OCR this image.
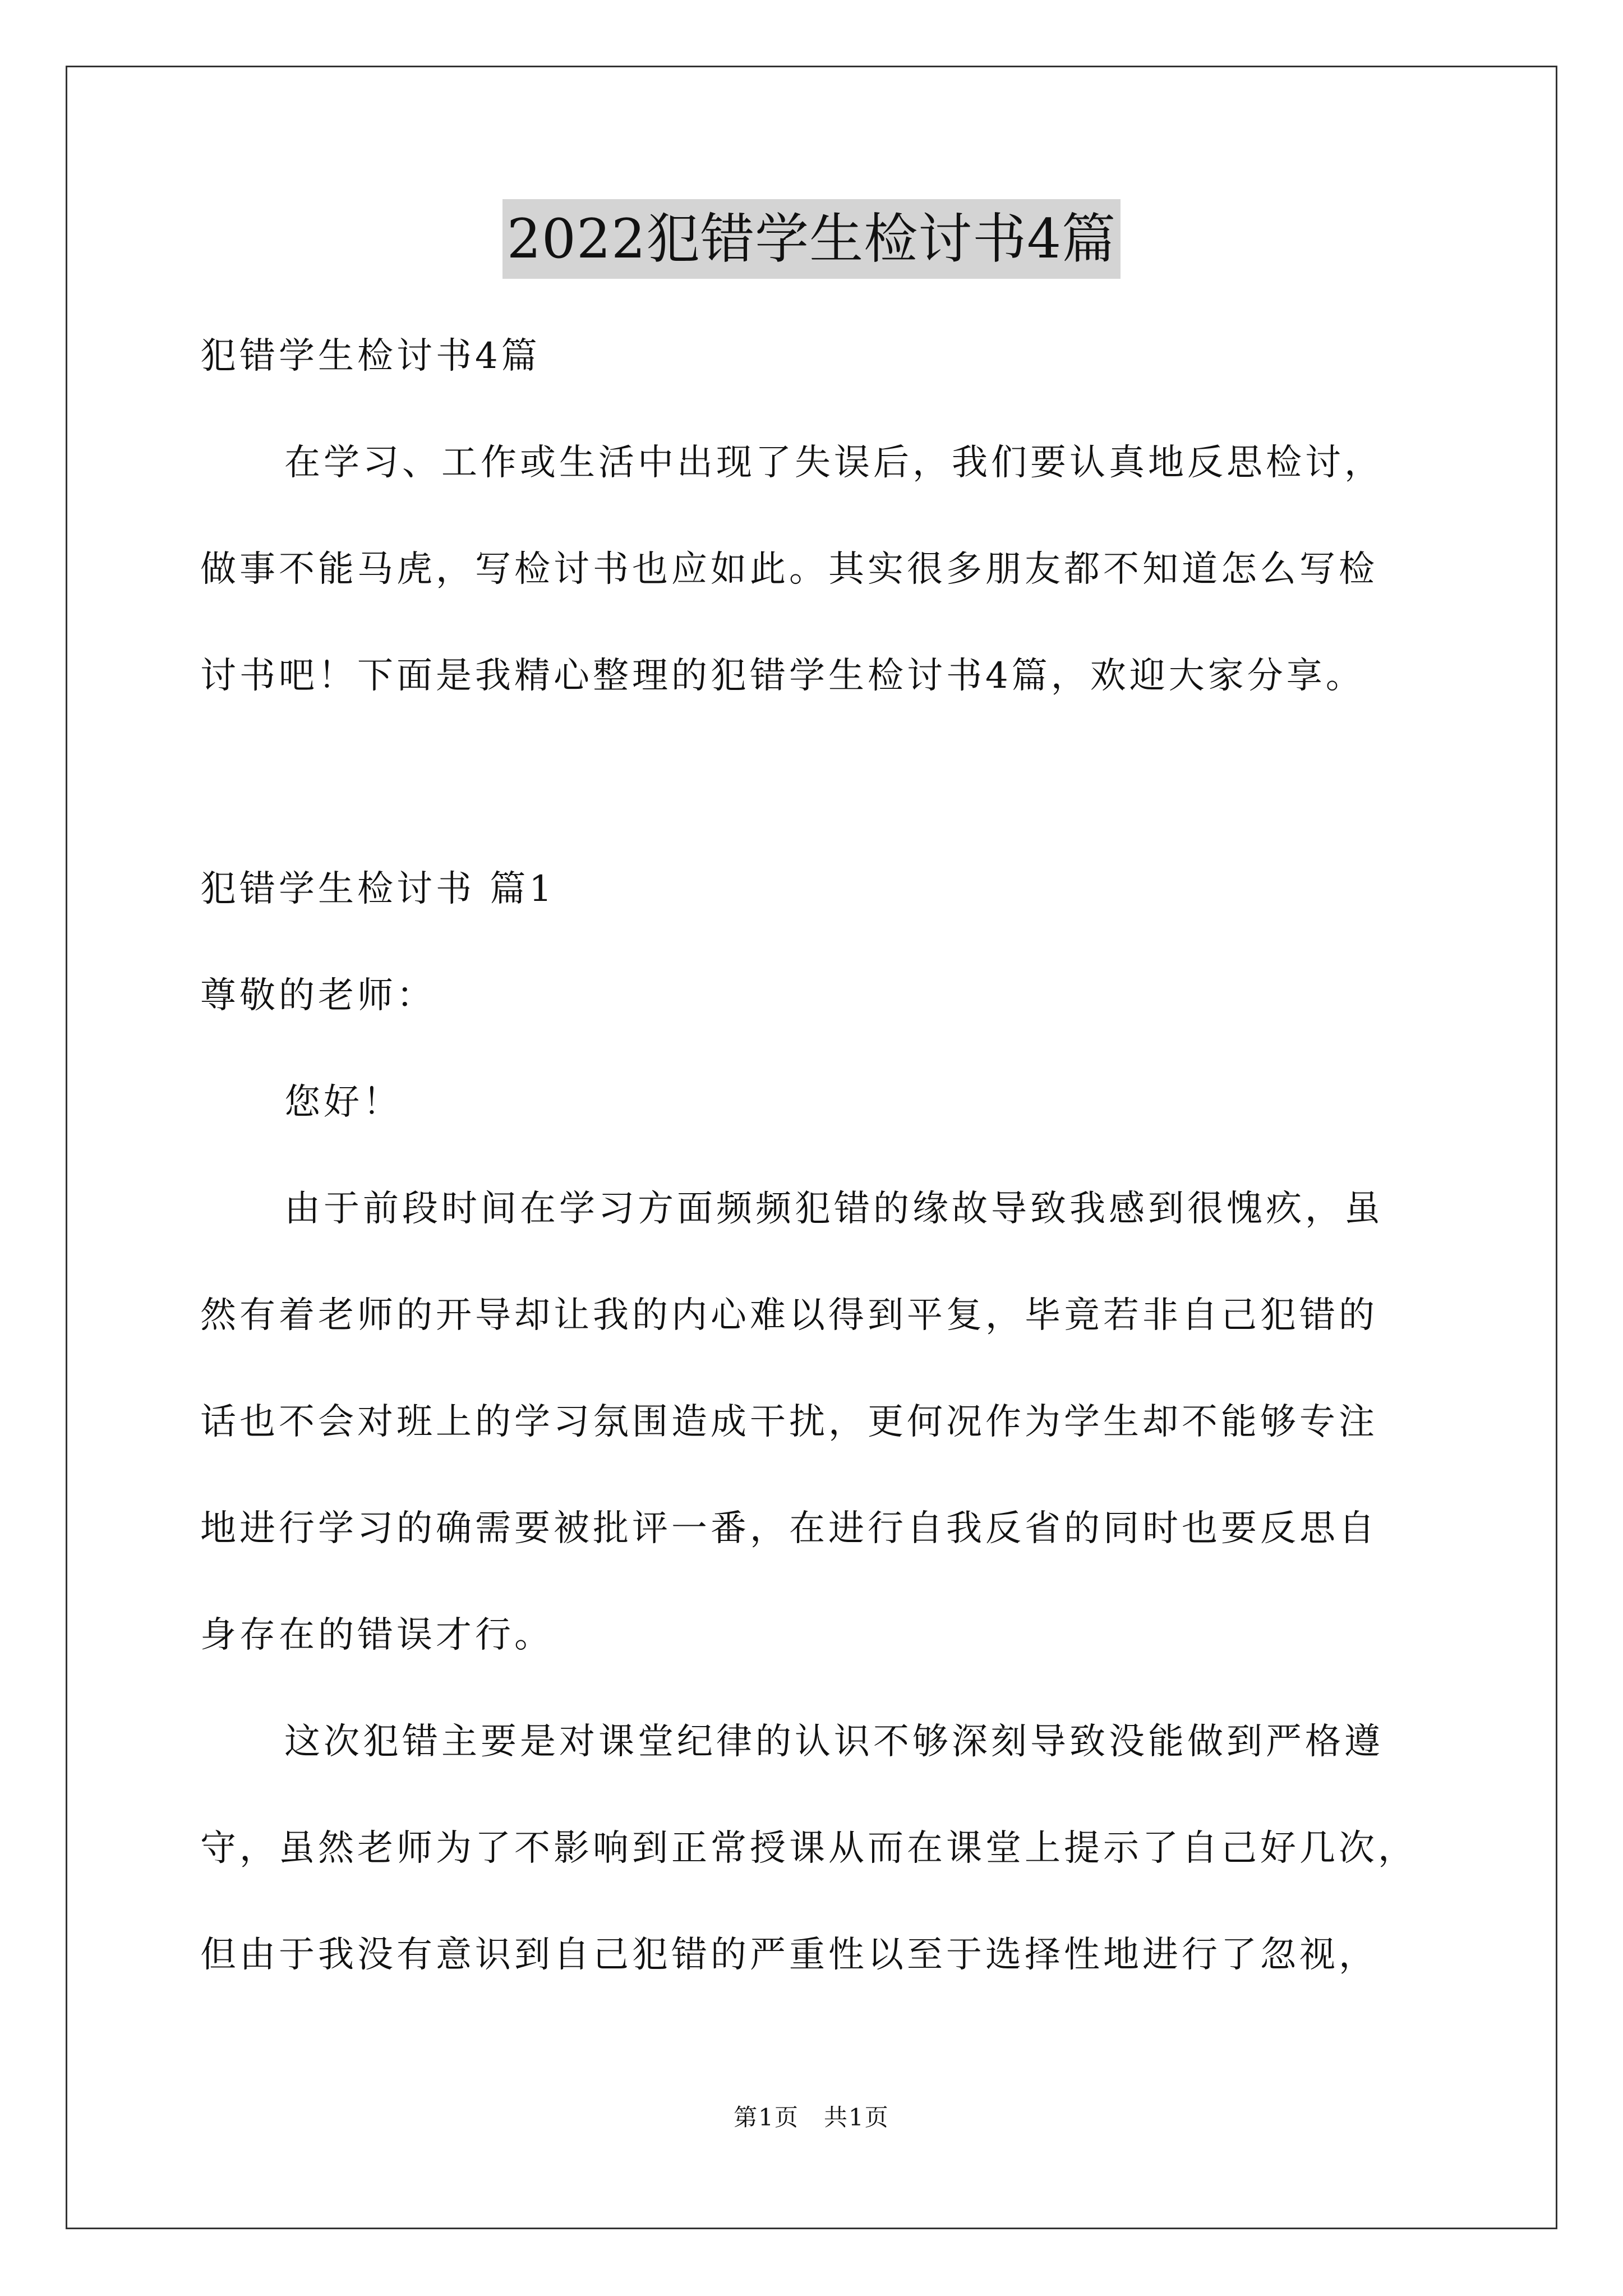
2022犯错学生检讨书4篇
犯错学生检讨书4篇
在学习、工作或生活中出现了失误后，我们要认真地反思检讨，
做事不能马虎，写检讨书也应如此。其实很多朋友都不知道怎么写检
讨书吧！下面是我精心整理的犯错学生检讨书4篇，欢迎大家分享。
犯错学生检讨书 篇1
尊敬的老师：
您好！
由于前段时间在学习方面频频犯错的缘故导致我感到很愧疚，虽
然有着老师的开导却让我的内心难以得到平复，毕竟若非自己犯错的
话也不会对班上的学习氛围造成干扰，更何况作为学生却不能够专注
地进行学习的确需要被批评一番，在进行自我反省的同时也要反思自
身存在的错误才行。
这次犯错主要是对课堂纪律的认识不够深刻导致没能做到严格遵
守，虽然老师为了不影响到正常授课从而在课堂上提示了自己好几次，
但由于我没有意识到自己犯错的严重性以至于选择性地进行了忽视，
第1页　共1页
